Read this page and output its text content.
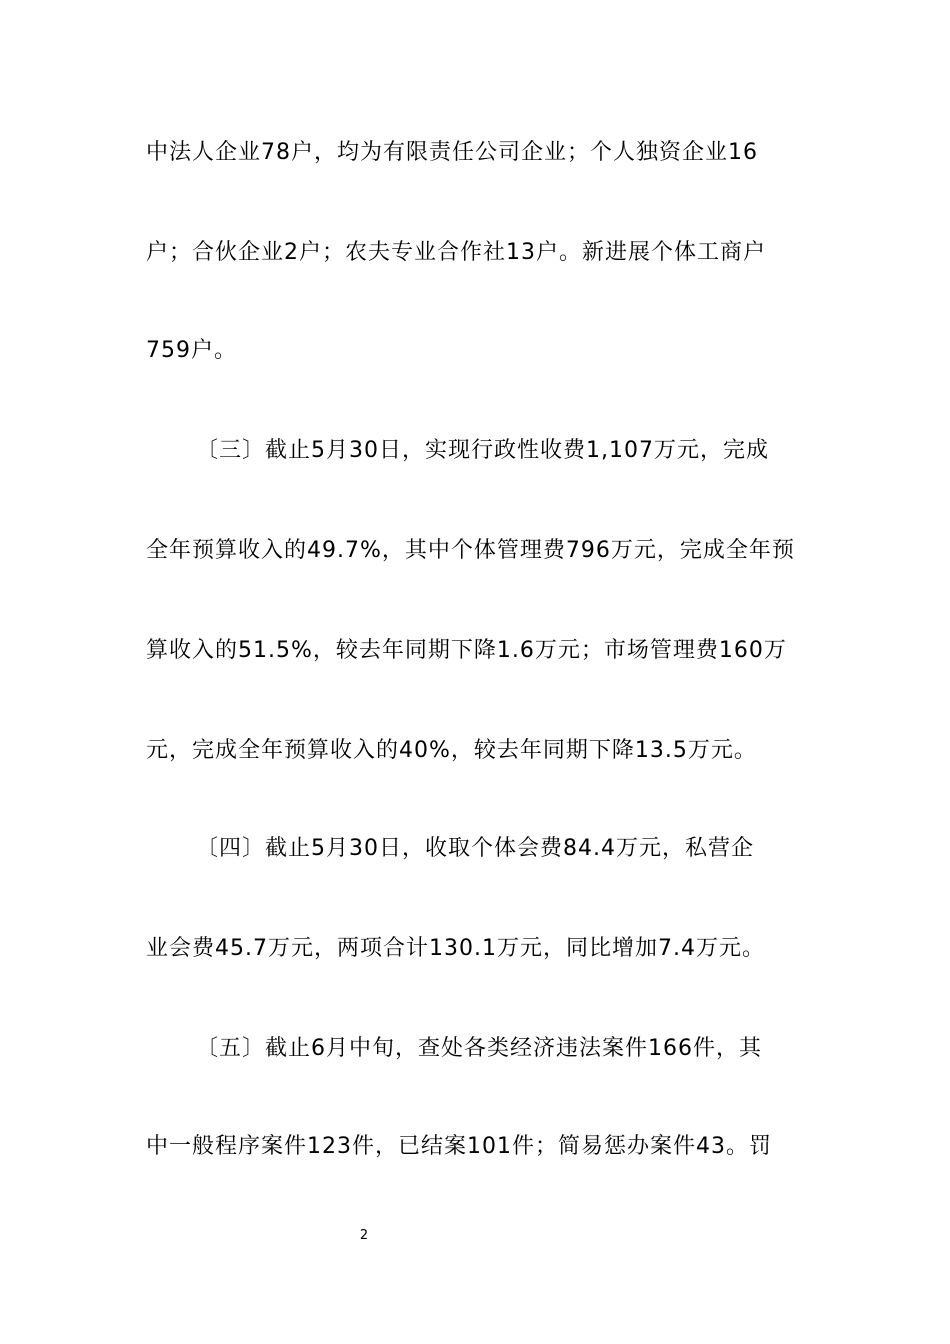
中法人企业78户，均为有限责任公司企业；个人独资企业16
户；合伙企业2户；农夫专业合作社13户。新进展个体工商户
759户。
〔三〕截止5月30日，实现行政性收费1,107万元，完成
全年预算收入的49.7%，其中个体管理费796万元，完成全年预
算收入的51.5%，较去年同期下降1.6万元；市场管理费160万
元，完成全年预算收入的40%，较去年同期下降13.5万元。
〔四〕截止5月30日，收取个体会费84.4万元，私营企
业会费45.7万元，两项合计130.1万元，同比增加7.4万元。
〔五〕截止6月中旬，查处各类经济违法案件166件，其
中一般程序案件123件，已结案101件；简易惩办案件43。罚
2
